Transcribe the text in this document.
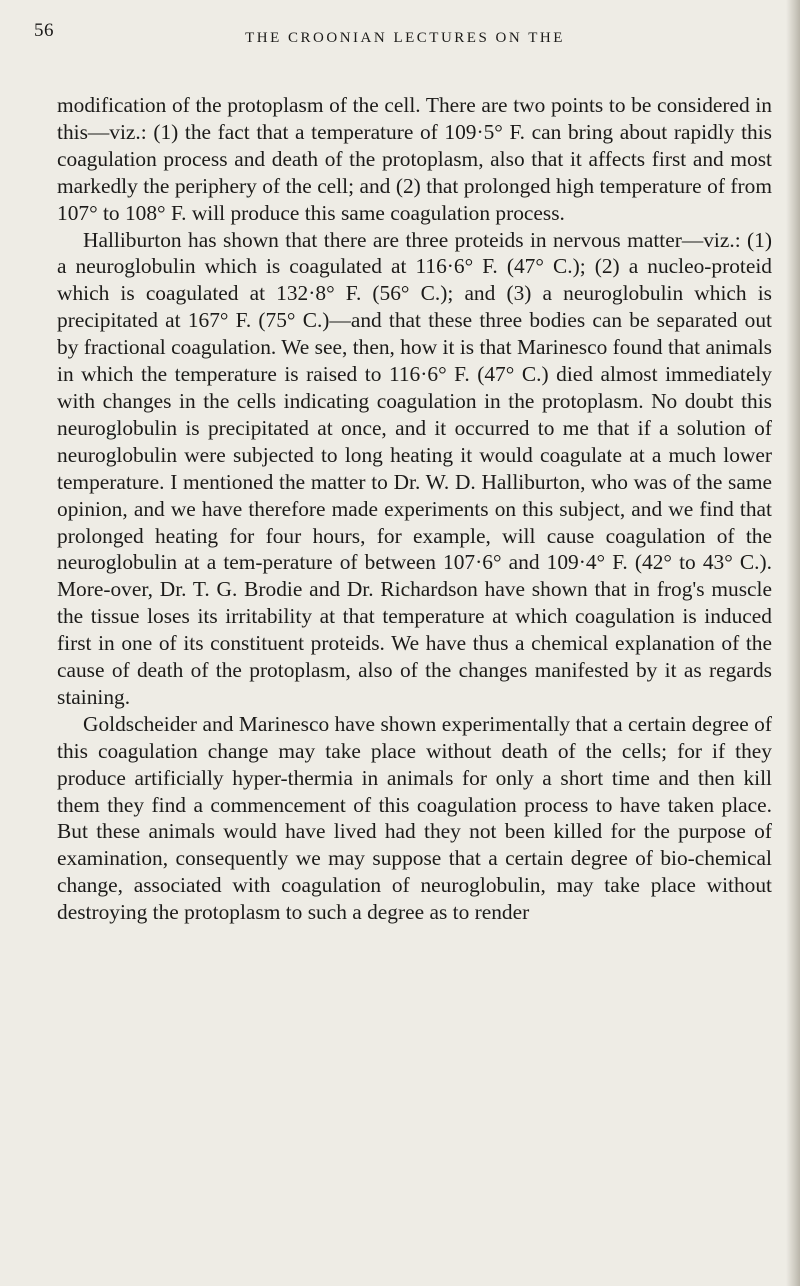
56	THE CROONIAN LECTURES ON THE

modification of the protoplasm of the cell. There are two points to be considered in this—viz.: (1) the fact that a temperature of 109·5° F. can bring about rapidly this coagulation process and death of the protoplasm, also that it affects first and most markedly the periphery of the cell; and (2) that prolonged high temperature of from 107° to 108° F. will produce this same coagulation process.

Halliburton has shown that there are three proteids in nervous matter—viz.: (1) a neuroglobulin which is coagulated at 116·6° F. (47° C.); (2) a nucleo-proteid which is coagulated at 132·8° F. (56° C.); and (3) a neuroglobulin which is precipitated at 167° F. (75° C.)—and that these three bodies can be separated out by fractional coagulation. We see, then, how it is that Marinesco found that animals in which the temperature is raised to 116·6° F. (47° C.) died almost immediately with changes in the cells indicating coagulation in the protoplasm. No doubt this neuroglobulin is precipitated at once, and it occurred to me that if a solution of neuroglobulin were subjected to long heating it would coagulate at a much lower temperature. I mentioned the matter to Dr. W. D. Halliburton, who was of the same opinion, and we have therefore made experiments on this subject, and we find that prolonged heating for four hours, for example, will cause coagulation of the neuroglobulin at a tem-perature of between 107·6° and 109·4° F. (42° to 43° C.). More-over, Dr. T. G. Brodie and Dr. Richardson have shown that in frog's muscle the tissue loses its irritability at that temperature at which coagulation is induced first in one of its constituent proteids. We have thus a chemical explanation of the cause of death of the protoplasm, also of the changes manifested by it as regards staining.

Goldscheider and Marinesco have shown experimentally that a certain degree of this coagulation change may take place without death of the cells; for if they produce artificially hyper-thermia in animals for only a short time and then kill them they find a commencement of this coagulation process to have taken place. But these animals would have lived had they not been killed for the purpose of examination, consequently we may suppose that a certain degree of bio-chemical change, associated with coagulation of neuroglobulin, may take place without destroying the protoplasm to such a degree as to render
